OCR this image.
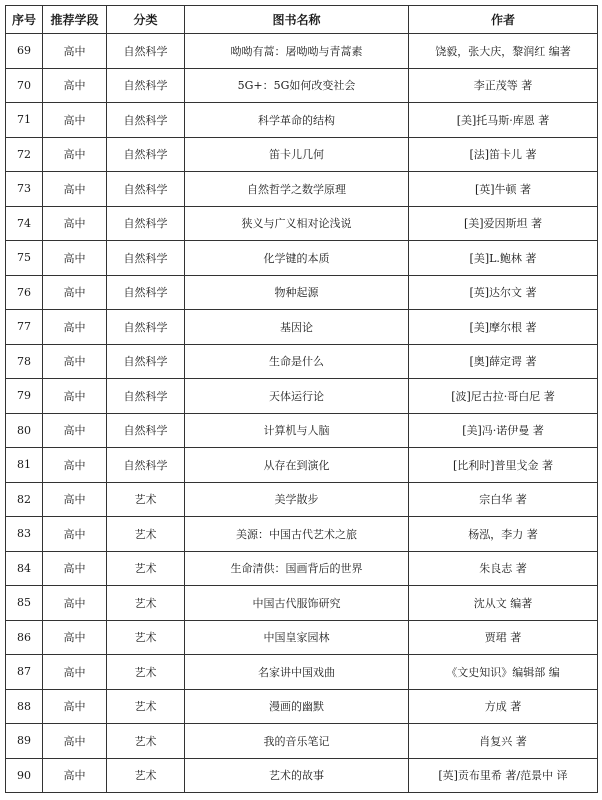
序号	推荐学段	分类	图书名称	作者
69	高中	自然科学	呦呦有蒿：屠呦呦与青蒿素	饶毅，张大庆，黎润红 编著
70	高中	自然科学	5G+：5G如何改变社会	李正茂等 著
71	高中	自然科学	科学革命的结构	[美]托马斯·库恩 著
72	高中	自然科学	笛卡儿几何	[法]笛卡儿 著
73	高中	自然科学	自然哲学之数学原理	[英]牛顿 著
74	高中	自然科学	狭义与广义相对论浅说	[美]爱因斯坦 著
75	高中	自然科学	化学键的本质	[美]L.鲍林 著
76	高中	自然科学	物种起源	[英]达尔文 著
77	高中	自然科学	基因论	[美]摩尔根 著
78	高中	自然科学	生命是什么	[奥]薛定谔 著
79	高中	自然科学	天体运行论	[波]尼古拉·哥白尼 著
80	高中	自然科学	计算机与人脑	[美]冯·诺伊曼 著
81	高中	自然科学	从存在到演化	[比利时]普里戈金 著
82	高中	艺术	美学散步	宗白华 著
83	高中	艺术	美源：中国古代艺术之旅	杨泓，李力 著
84	高中	艺术	生命清供：国画背后的世界	朱良志 著
85	高中	艺术	中国古代服饰研究	沈从文 编著
86	高中	艺术	中国皇家园林	贾珺 著
87	高中	艺术	名家讲中国戏曲	《文史知识》编辑部 编
88	高中	艺术	漫画的幽默	方成 著
89	高中	艺术	我的音乐笔记	肖复兴 著
90	高中	艺术	艺术的故事	[英]贡布里希 著/范景中 译
